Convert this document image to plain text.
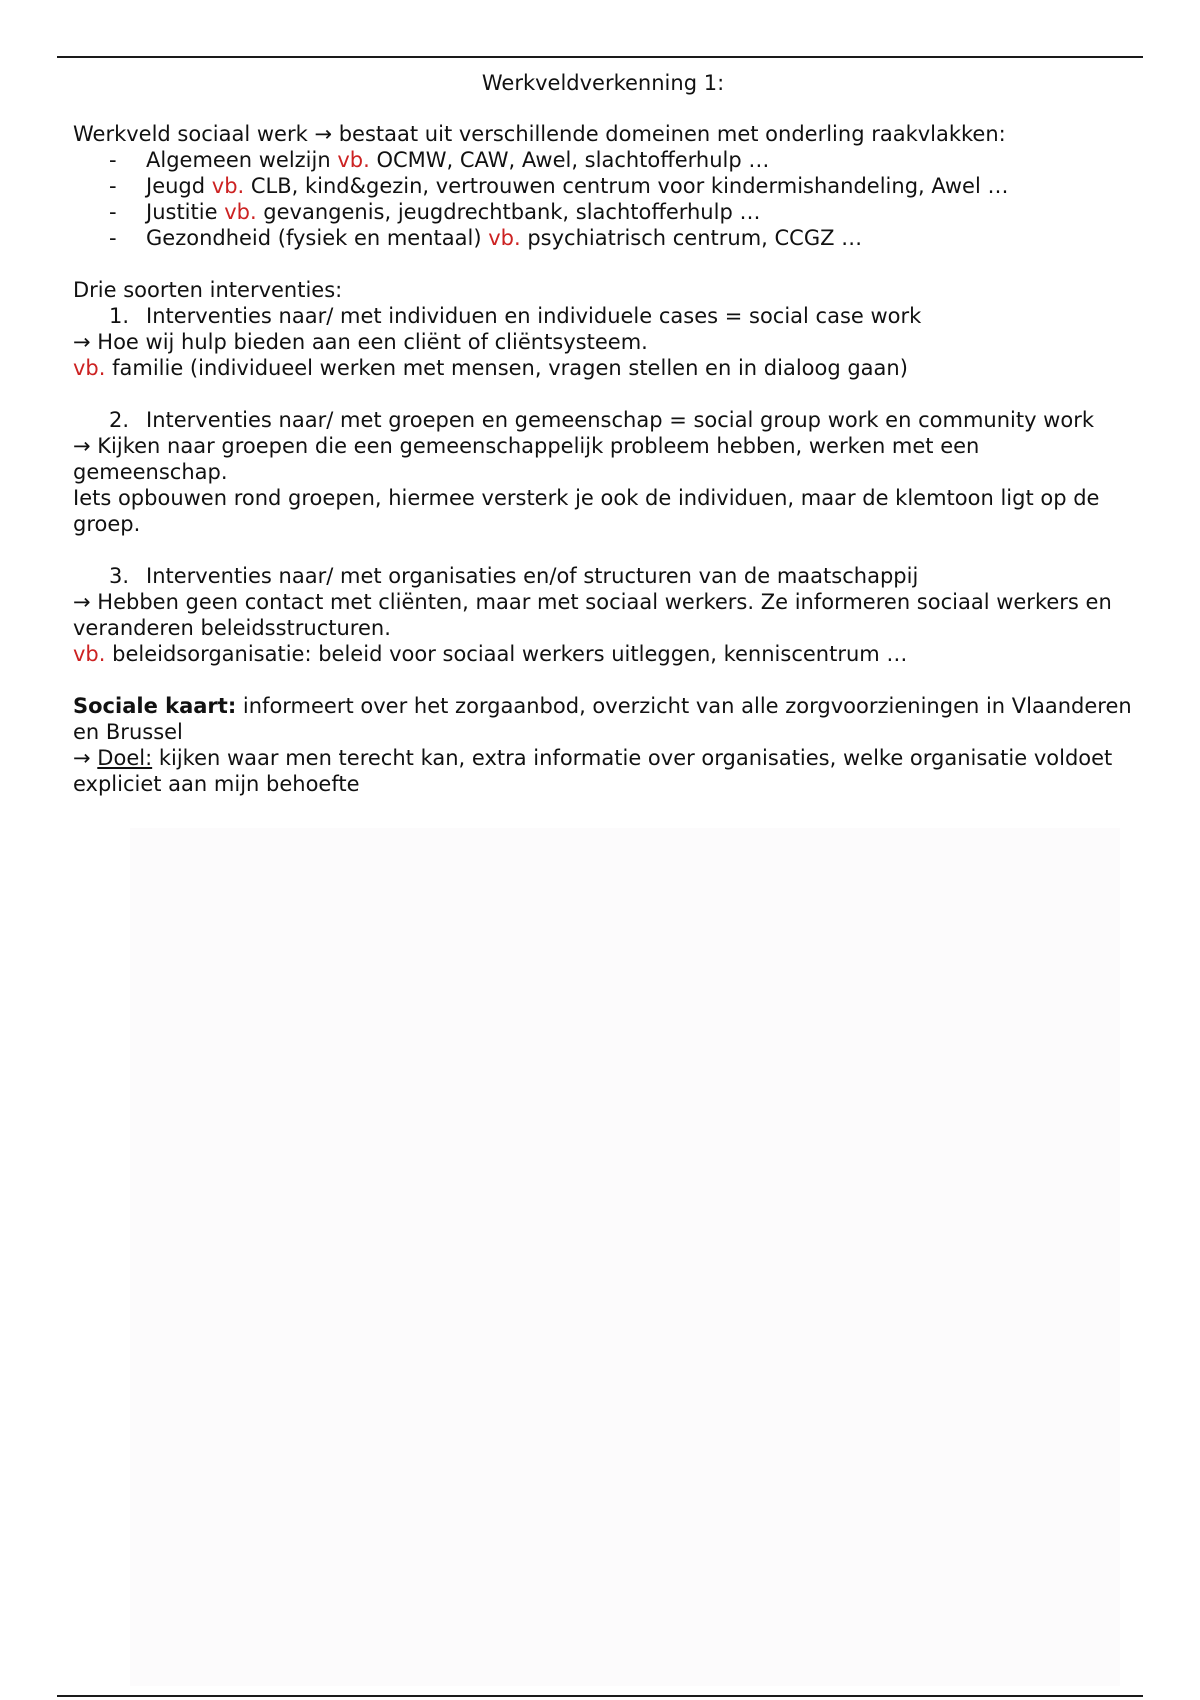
Werkveldverkenning 1:

Werkveld sociaal werk → bestaat uit verschillende domeinen met onderling raakvlakken:

- Algemeen welzijn vb. OCMW, CAW, Awel, slachtofferhulp …
- Jeugd vb. CLB, kind&gezin, vertrouwen centrum voor kindermishandeling, Awel …
- Justitie vb. gevangenis, jeugdrechtbank, slachtofferhulp …
- Gezondheid (fysiek en mentaal) vb. psychiatrisch centrum, CCGZ …

Drie soorten interventies:

1. Interventies naar/ met individuen en individuele cases = social case work

→ Hoe wij hulp bieden aan een cliënt of cliëntsysteem.

vb. familie (individueel werken met mensen, vragen stellen en in dialoog gaan)

2. Interventies naar/ met groepen en gemeenschap = social group work en community work

→ Kijken naar groepen die een gemeenschappelijk probleem hebben, werken met een gemeenschap.

Iets opbouwen rond groepen, hiermee versterk je ook de individuen, maar de klemtoon ligt op de groep.

3. Interventies naar/ met organisaties en/of structuren van de maatschappij

→ Hebben geen contact met cliënten, maar met sociaal werkers. Ze informeren sociaal werkers en veranderen beleidsstructuren.

vb. beleidsorganisatie: beleid voor sociaal werkers uitleggen, kenniscentrum …

Sociale kaart: informeert over het zorgaanbod, overzicht van alle zorgvoorzieningen in Vlaanderen en Brussel

→ Doel: kijken waar men terecht kan, extra informatie over organisaties, welke organisatie voldoet expliciet aan mijn behoefte
